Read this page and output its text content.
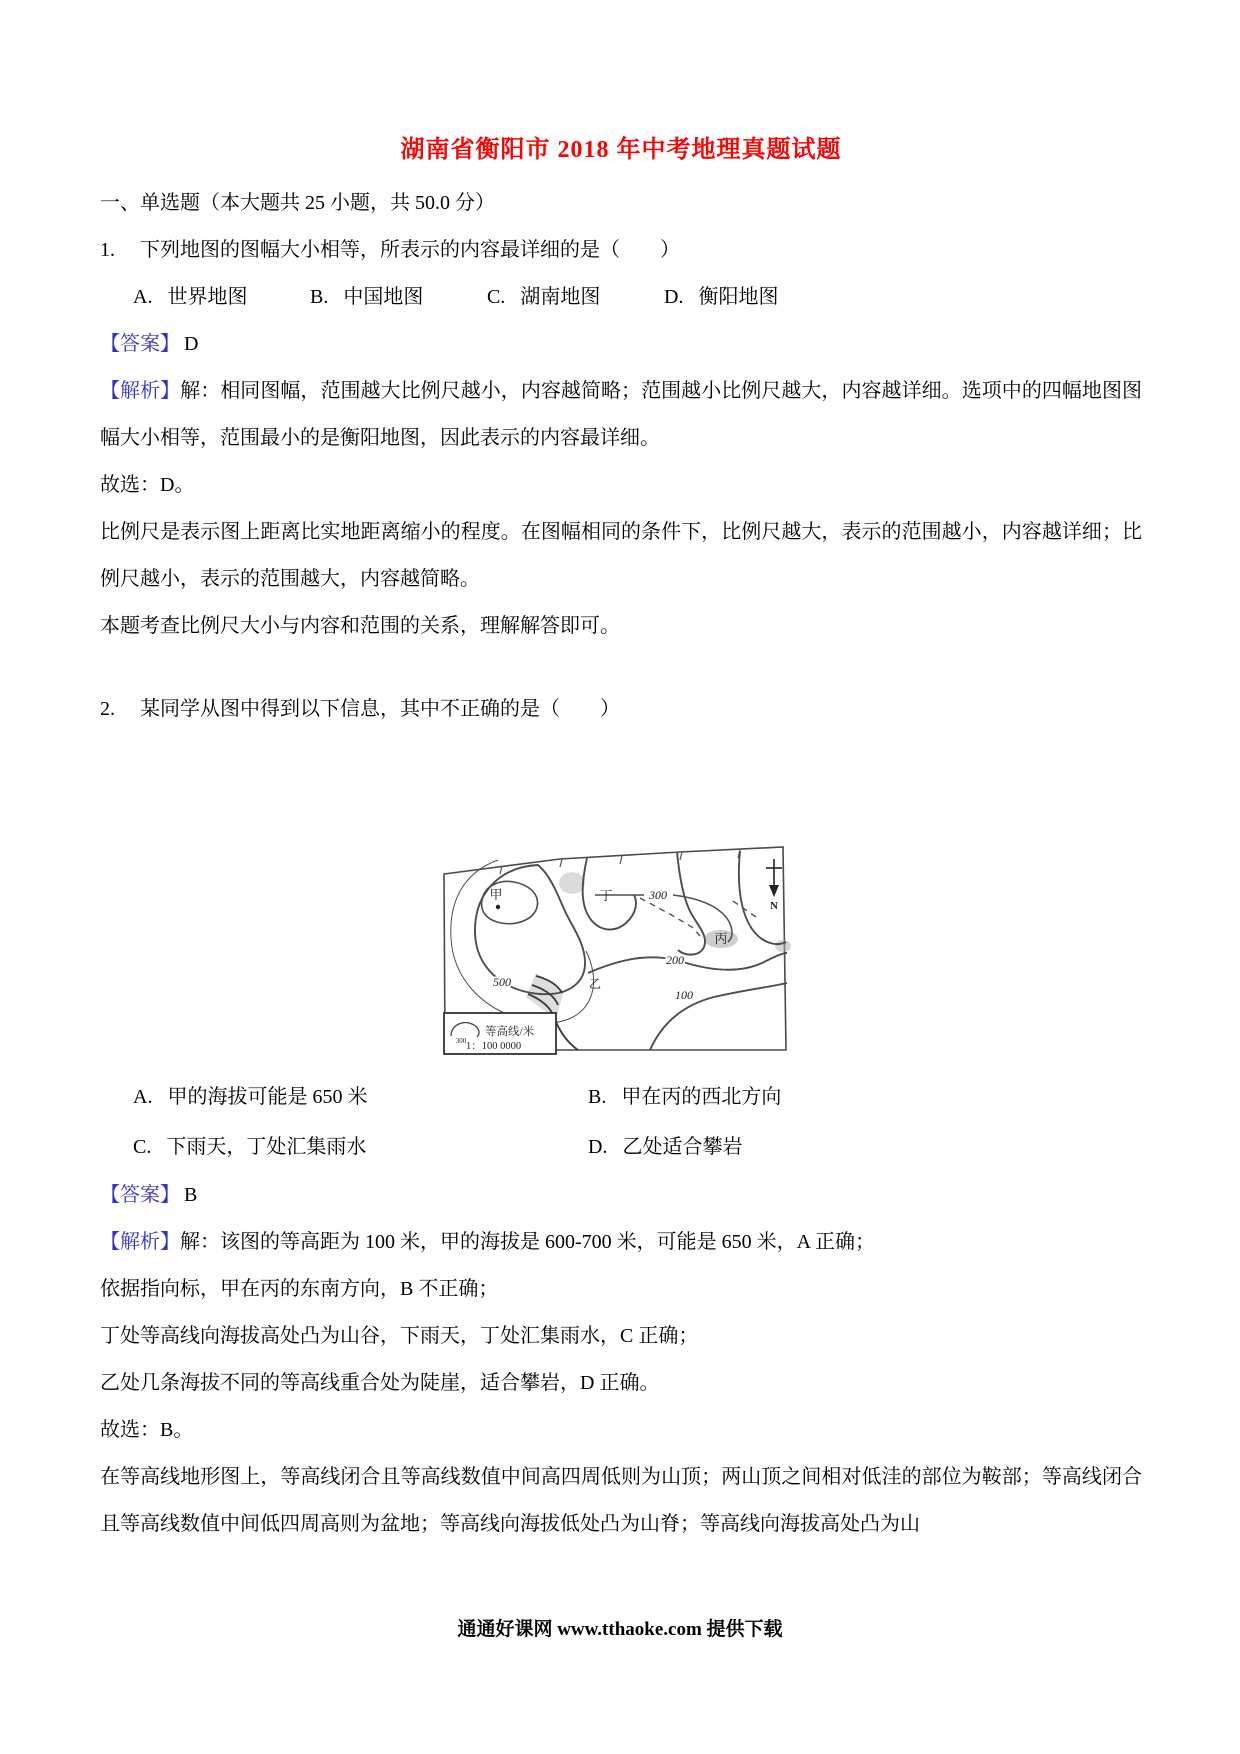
湖南省衡阳市 2018 年中考地理真题试题

一、单选题（本大题共 25 小题，共 50.0 分）

1. 下列地图的图幅大小相等，所表示的内容最详细的是（　　）

A. 世界地图	B. 中国地图	C. 湖南地图	D. 衡阳地图

【答案】 D

【解析】解：相同图幅，范围越大比例尺越小，内容越简略；范围越小比例尺越大，内容越详细。选项中的四幅地图图幅大小相等，范围最小的是衡阳地图，因此表示的内容最详细。

故选：D。

比例尺是表示图上距离比实地距离缩小的程度。在图幅相同的条件下，比例尺越大，表示的范围越小，内容越详细；比例尺越小，表示的范围越大，内容越简略。

本题考查比例尺大小与内容和范围的关系，理解解答即可。

2. 某同学从图中得到以下信息，其中不正确的是（　　）

500
300
200
100
甲
乙
丙
丁
N
300
等高线/米
1：100 0000
A. 甲的海拔可能是 650 米	B. 甲在丙的西北方向
C. 下雨天，丁处汇集雨水	D. 乙处适合攀岩

【答案】 B

【解析】解：该图的等高距为 100 米，甲的海拔是 600-700 米，可能是 650 米，A 正确；

依据指向标，甲在丙的东南方向，B 不正确；

丁处等高线向海拔高处凸为山谷，下雨天，丁处汇集雨水，C 正确；

乙处几条海拔不同的等高线重合处为陡崖，适合攀岩，D 正确。

故选：B。

在等高线地形图上，等高线闭合且等高线数值中间高四周低则为山顶；两山顶之间相对低洼的部位为鞍部；等高线闭合且等高线数值中间低四周高则为盆地；等高线向海拔低处凸为山脊；等高线向海拔高处凸为山

通通好课网 www.tthaoke.com 提供下载
